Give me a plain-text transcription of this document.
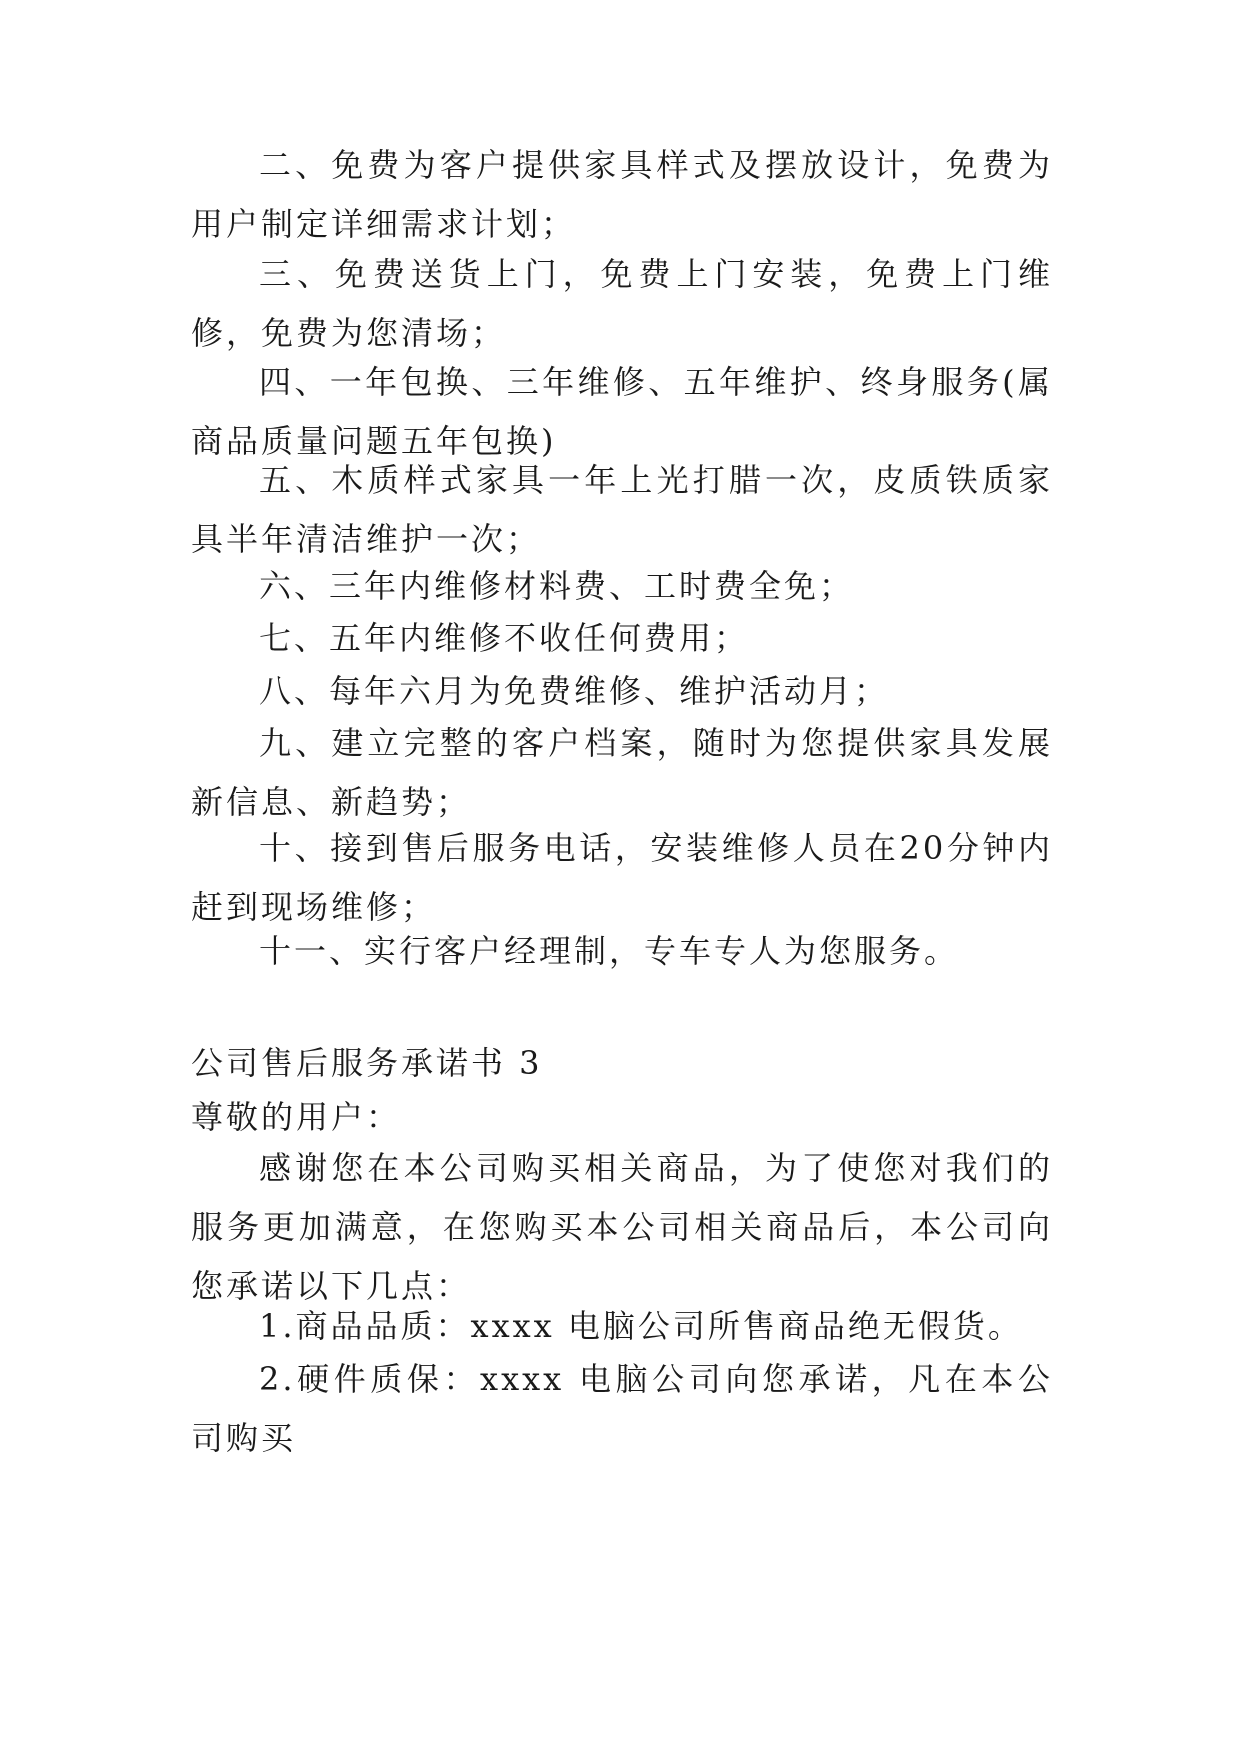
二、免费为客户提供家具样式及摆放设计，免费为用户制定详细需求计划；

三、免费送货上门，免费上门安装，免费上门维修，免费为您清场；

四、一年包换、三年维修、五年维护、终身服务(属商品质量问题五年包换)

五、木质样式家具一年上光打腊一次，皮质铁质家具半年清洁维护一次；

六、三年内维修材料费、工时费全免；

七、五年内维修不收任何费用；

八、每年六月为免费维修、维护活动月；

九、建立完整的客户档案，随时为您提供家具发展新信息、新趋势；

十、接到售后服务电话，安装维修人员在20分钟内赶到现场维修；

十一、实行客户经理制，专车专人为您服务。

公司售后服务承诺书 3

尊敬的用户：

感谢您在本公司购买相关商品，为了使您对我们的服务更加满意，在您购买本公司相关商品后，本公司向您承诺以下几点：

1.商品品质：xxxx 电脑公司所售商品绝无假货。

2.硬件质保：xxxx 电脑公司向您承诺，凡在本公司购买
